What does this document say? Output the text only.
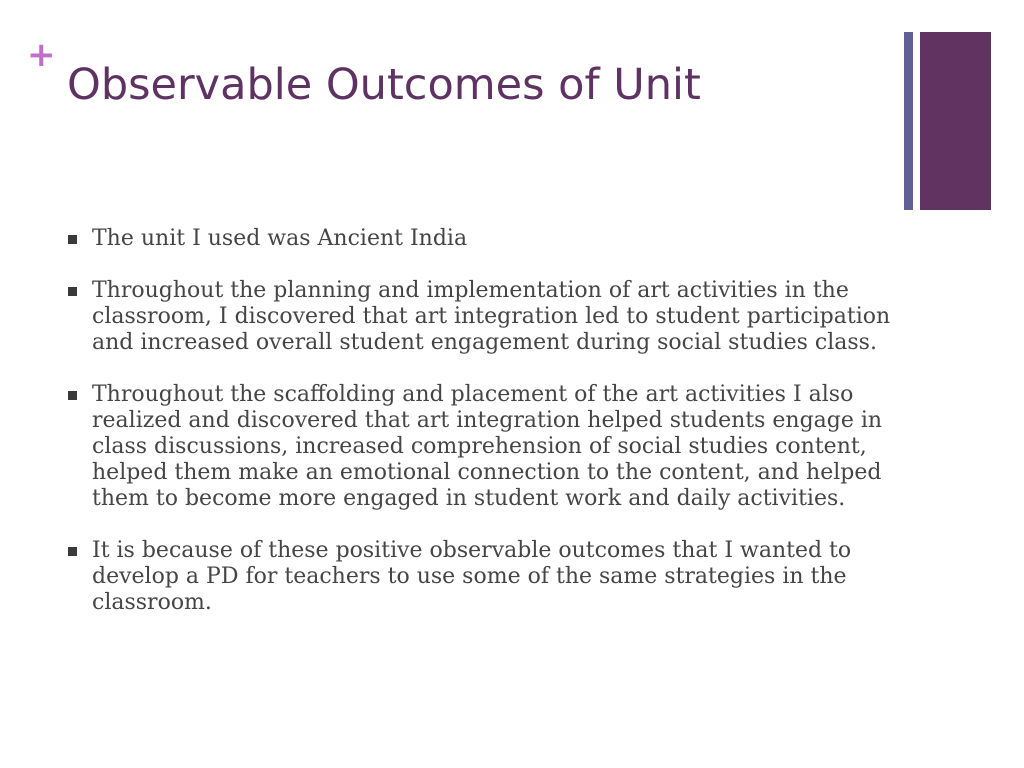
+
Observable Outcomes of Unit
The unit I used was Ancient India
Throughout the planning and implementation of art activities in the classroom, I discovered that art integration led to student participation and increased overall student engagement during social studies class.
Throughout the scaffolding and placement of the art activities I also realized and discovered that art integration helped students engage in class discussions, increased comprehension of social studies content, helped them make an emotional connection to the content, and helped them to become more engaged in student work and daily activities.
It is because of these positive observable outcomes that I wanted to develop a PD for teachers to use some of the same strategies in the classroom.
